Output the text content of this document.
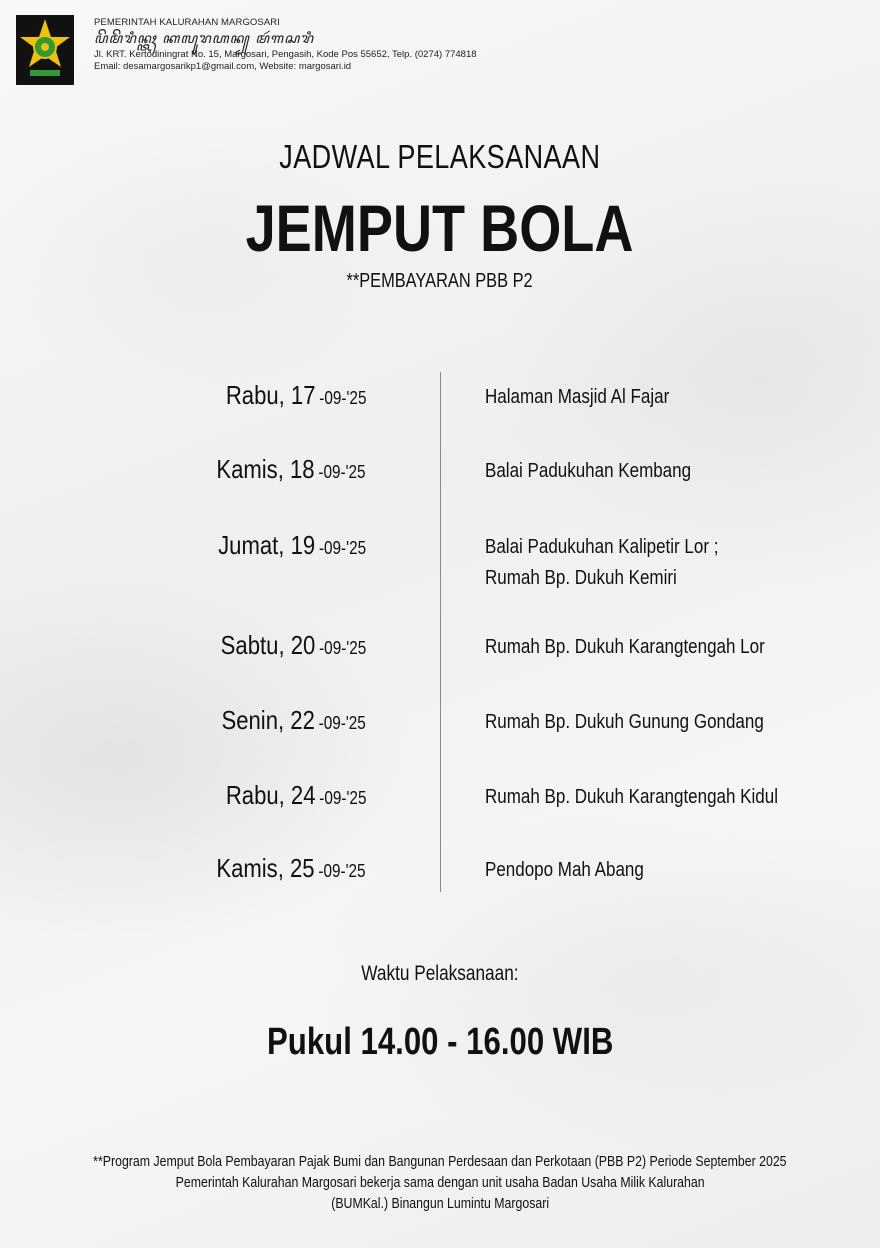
PEMERINTAH KALURAHAN MARGOSARI
ꦥꦼꦩꦼꦫꦶꦤ꧀ꦠꦃ ꦏꦭꦸꦫꦲꦤ꧀ ꦩꦂꦒꦱꦫꦶ
Jl. KRT. Kertodiningrat No. 15, Margosari, Pengasih, Kode Pos 55652, Telp. (0274) 774818
Email: desamargosarikp1@gmail.com, Website: margosari.id
JADWAL PELAKSANAAN
JEMPUT BOLA
**PEMBAYARAN PBB P2
Rabu, 17 -09-'25	Halaman Masjid Al Fajar
Kamis, 18 -09-'25	Balai Padukuhan Kembang
Jumat, 19 -09-'25	Balai Padukuhan Kalipetir Lor ;
Rumah Bp. Dukuh Kemiri
Sabtu, 20 -09-'25	Rumah Bp. Dukuh Karangtengah Lor
Senin, 22 -09-'25	Rumah Bp. Dukuh Gunung Gondang
Rabu, 24 -09-'25	Rumah Bp. Dukuh Karangtengah Kidul
Kamis, 25 -09-'25	Pendopo Mah Abang
Waktu Pelaksanaan:
Pukul 14.00 - 16.00 WIB
**Program Jemput Bola Pembayaran Pajak Bumi dan Bangunan Perdesaan dan Perkotaan (PBB P2) Periode September 2025
Pemerintah Kalurahan Margosari bekerja sama dengan unit usaha Badan Usaha Milik Kalurahan
(BUMKal.) Binangun Lumintu Margosari
